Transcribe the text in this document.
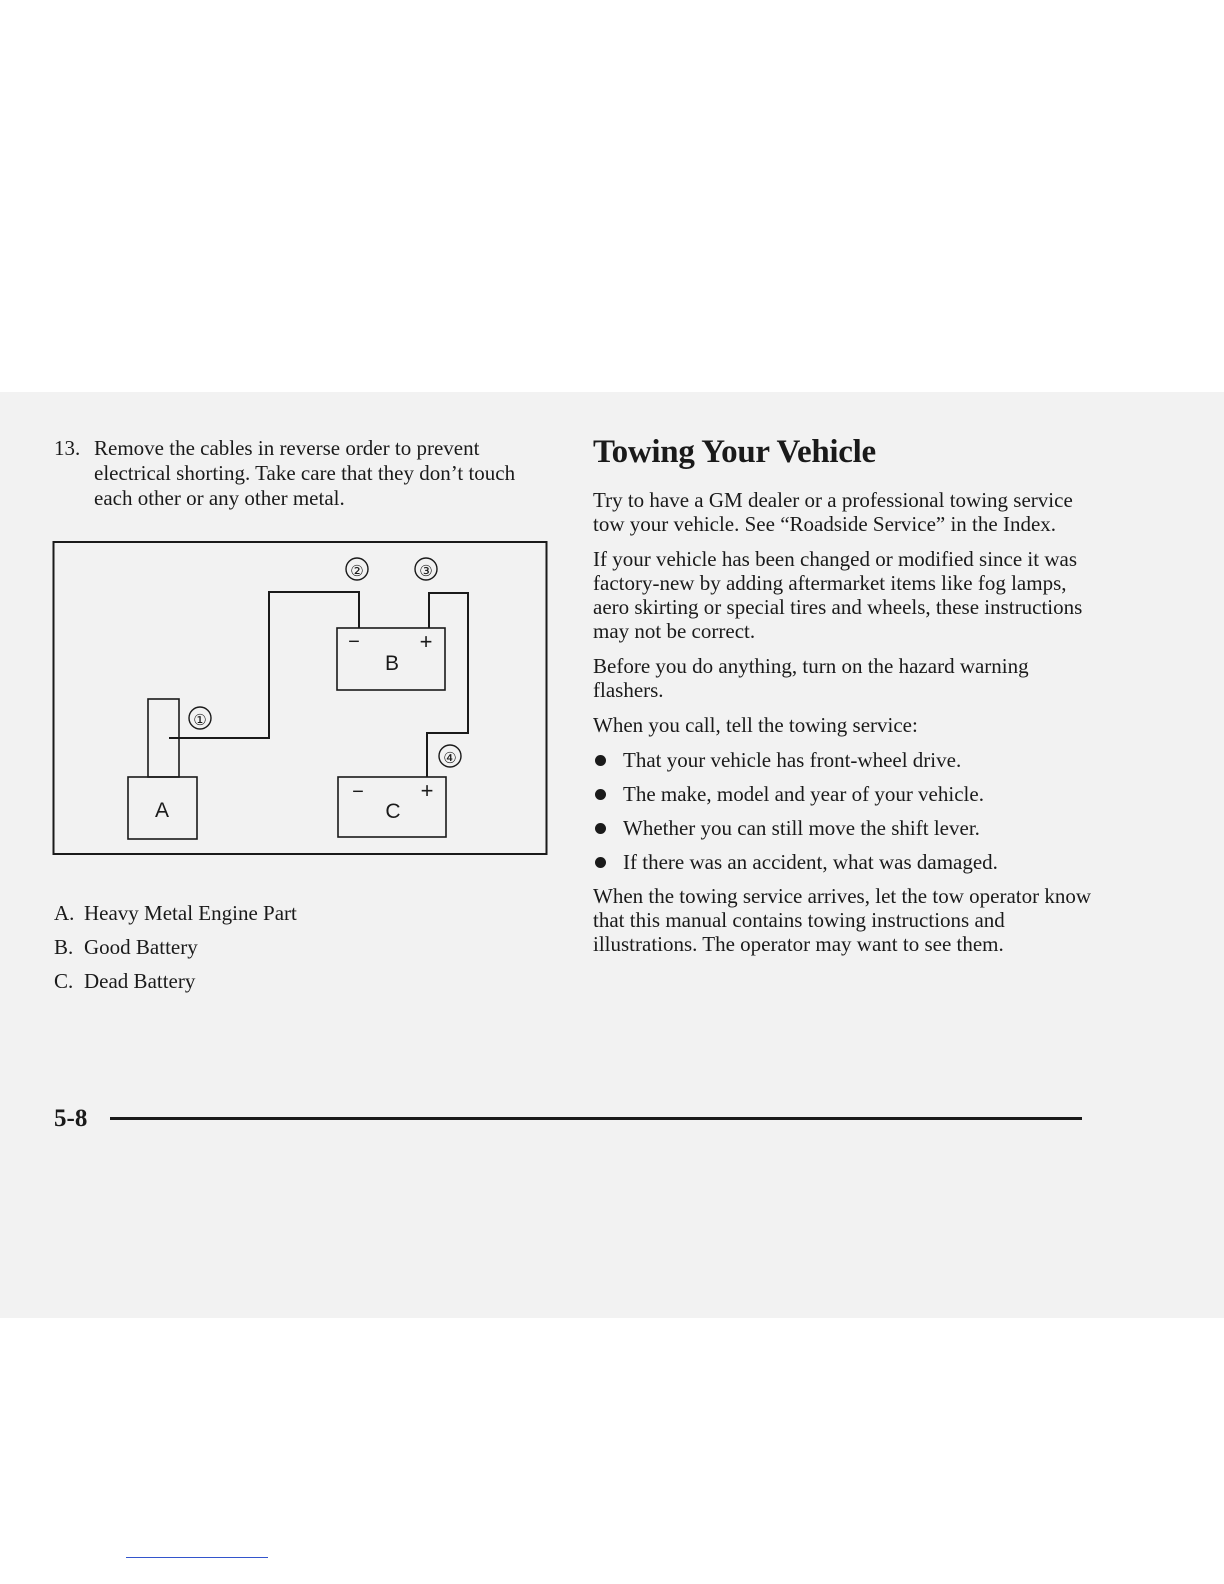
13. Remove the cables in reverse order to prevent electrical shorting. Take care that they don’t touch each other or any other metal.
A
B
−	+
C
−	+
①
②	③
④
A. Heavy Metal Engine Part
B. Good Battery
C. Dead Battery
Towing Your Vehicle

Try to have a GM dealer or a professional towing service tow your vehicle. See “Roadside Service” in the Index.

If your vehicle has been changed or modified since it was factory-new by adding aftermarket items like fog lamps, aero skirting or special tires and wheels, these instructions may not be correct.

Before you do anything, turn on the hazard warning flashers.

When you call, tell the towing service:

That your vehicle has front-wheel drive.
The make, model and year of your vehicle.
Whether you can still move the shift lever.
If there was an accident, what was damaged.

When the towing service arrives, let the tow operator know that this manual contains towing instructions and illustrations. The operator may want to see them.

5-8
